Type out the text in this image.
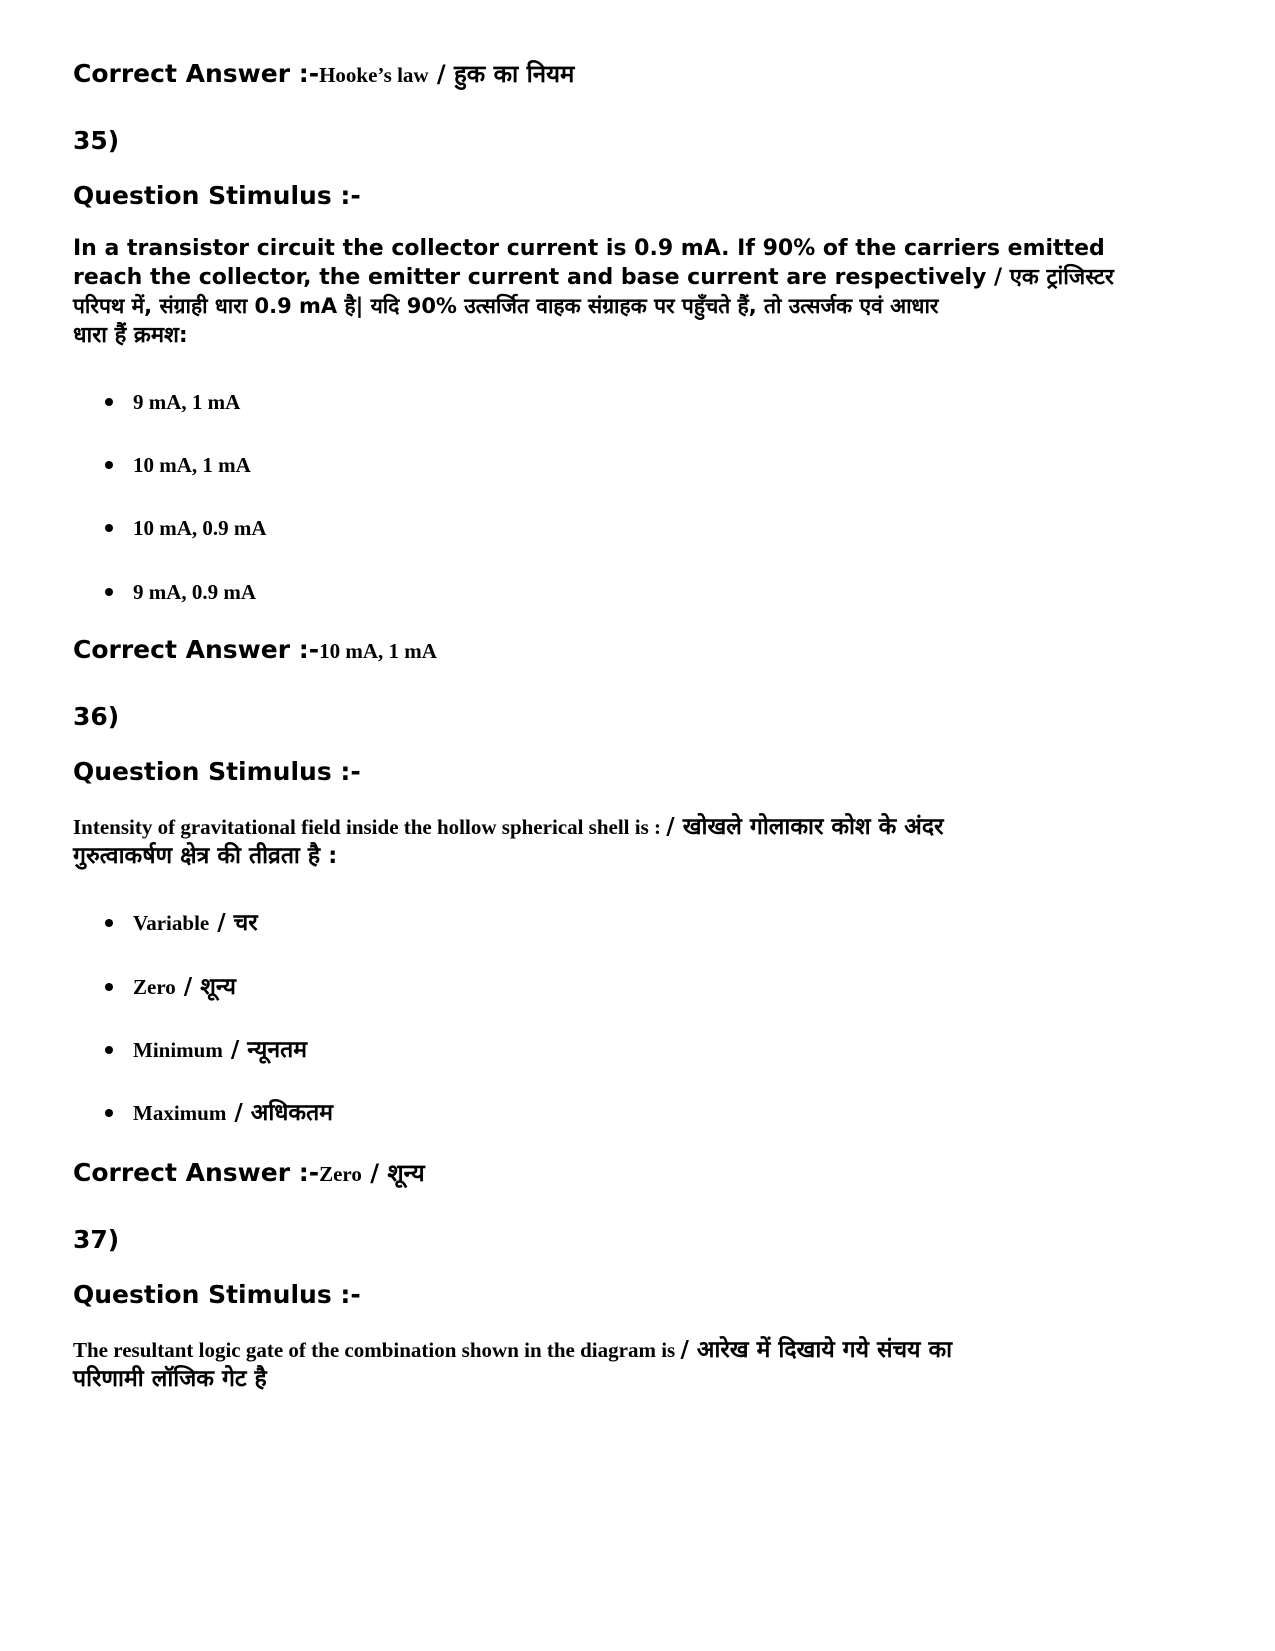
Correct Answer :-Hooke’s law / हुक का नियम
35)
Question Stimulus :-
In a transistor circuit the collector current is 0.9 mA. If 90% of the carriers emitted
reach the collector, the emitter current and base current are respectively / एक ट्रांजिस्टर
परिपथ में, संग्राही धारा 0.9 mA है| यदि 90% उत्सर्जित वाहक संग्राहक पर पहुँचते हैं, तो उत्सर्जक एवं आधार
धारा हैं क्रमश:
9 mA, 1 mA
10 mA, 1 mA
10 mA, 0.9 mA
9 mA, 0.9 mA
Correct Answer :-10 mA, 1 mA
36)
Question Stimulus :-
Intensity of gravitational field inside the hollow spherical shell is : / खोखले गोलाकार कोश के अंदर
गुरुत्वाकर्षण क्षेत्र की तीव्रता है :
Variable / चर
Zero / शून्य
Minimum / न्यूनतम
Maximum / अधिकतम
Correct Answer :-Zero / शून्य
37)
Question Stimulus :-
The resultant logic gate of the combination shown in the diagram is / आरेख में दिखाये गये संचय का
परिणामी लॉजिक गेट है
